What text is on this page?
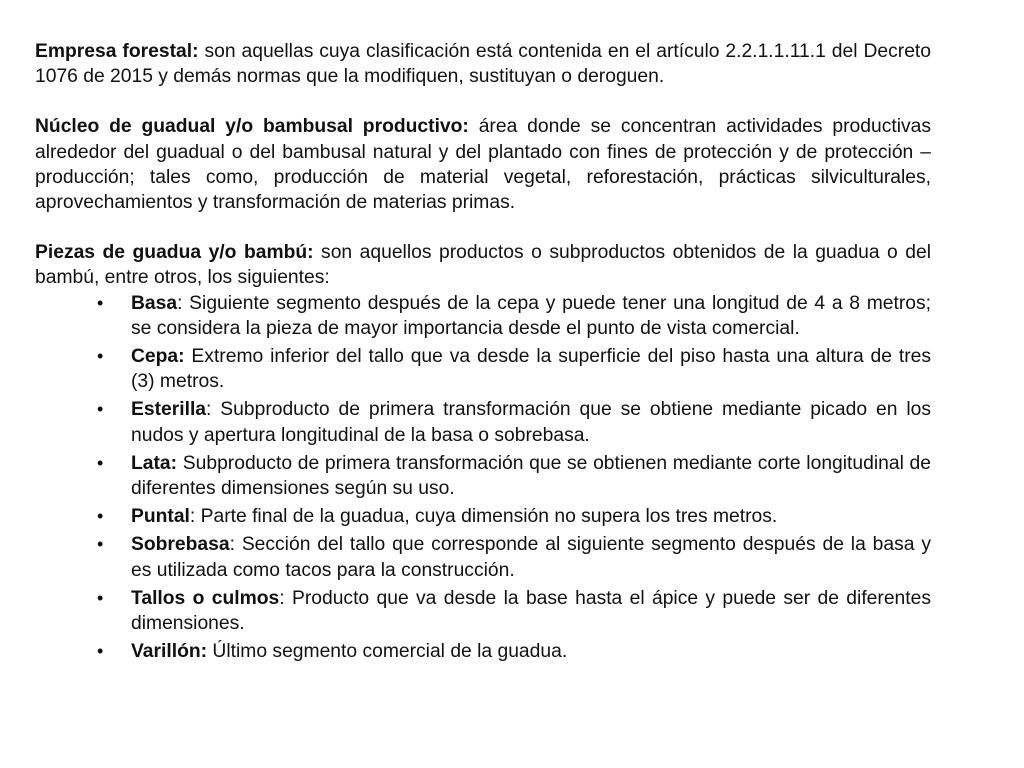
Empresa forestal: son aquellas cuya clasificación está contenida en el artículo 2.2.1.1.11.1 del Decreto 1076 de 2015 y demás normas que la modifiquen, sustituyan o deroguen.

Núcleo de guadual y/o bambusal productivo: área donde se concentran actividades productivas alrededor del guadual o del bambusal natural y del plantado con fines de protección y de protección – producción; tales como, producción de material vegetal, reforestación, prácticas silviculturales, aprovechamientos y transformación de materias primas.

Piezas de guadua y/o bambú: son aquellos productos o subproductos obtenidos de la guadua o del bambú, entre otros, los siguientes:

• Basa: Siguiente segmento después de la cepa y puede tener una longitud de 4 a 8 metros; se considera la pieza de mayor importancia desde el punto de vista comercial.
• Cepa: Extremo inferior del tallo que va desde la superficie del piso hasta una altura de tres (3) metros.
• Esterilla: Subproducto de primera transformación que se obtiene mediante picado en los nudos y apertura longitudinal de la basa o sobrebasa.
• Lata: Subproducto de primera transformación que se obtienen mediante corte longitudinal de diferentes dimensiones según su uso.
• Puntal: Parte final de la guadua, cuya dimensión no supera los tres metros.
• Sobrebasa: Sección del tallo que corresponde al siguiente segmento después de la basa y es utilizada como tacos para la construcción.
• Tallos o culmos: Producto que va desde la base hasta el ápice y puede ser de diferentes dimensiones.
• Varillón: Último segmento comercial de la guadua.
